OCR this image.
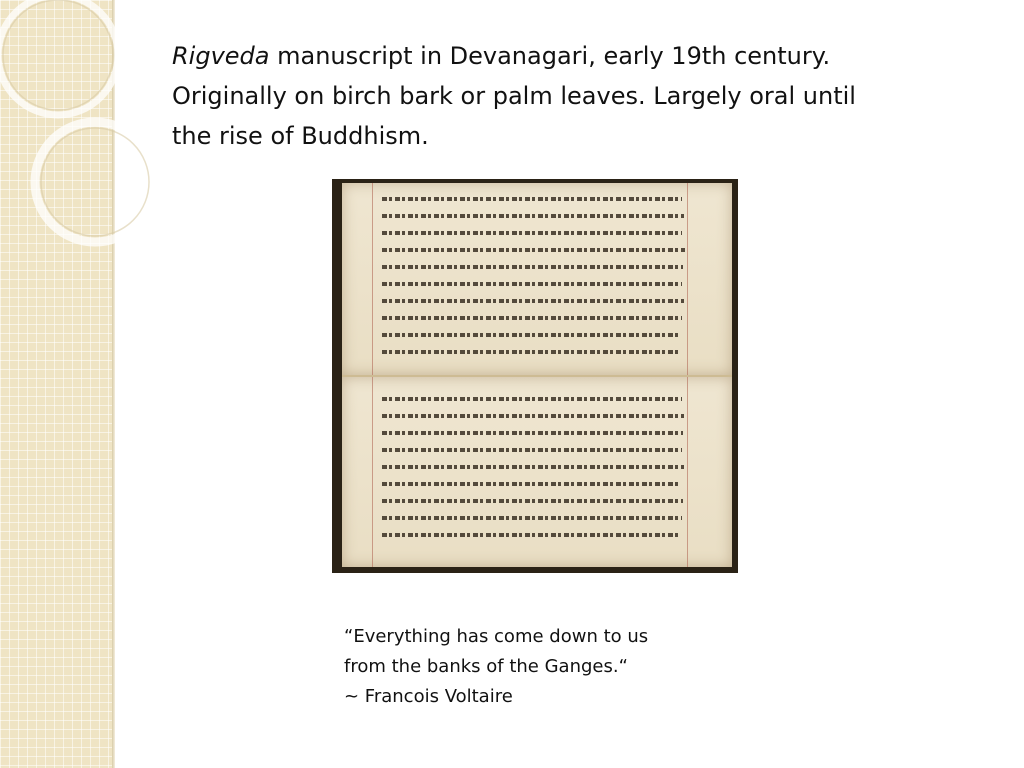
Rigveda manuscript in Devanagari, early 19th century.
Originally on birch bark or palm leaves. Largely oral until
the rise of Buddhism.
“Everything has come down to us
from the banks of the Ganges.“
~ Francois Voltaire
